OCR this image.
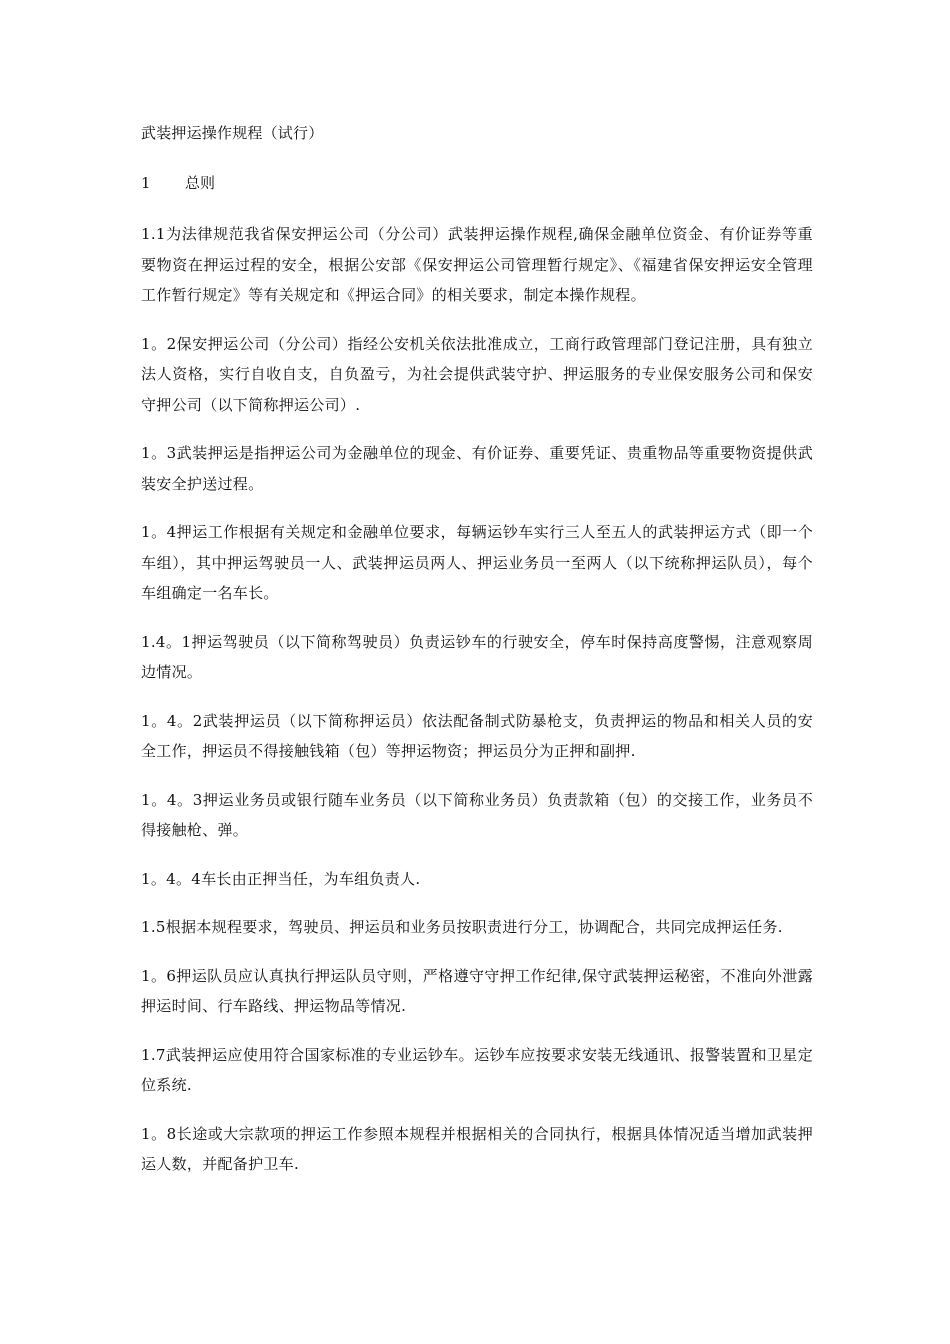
武装押运操作规程（试行）
1	总则

1.1为法律规范我省保安押运公司（分公司）武装押运操作规程,确保金融单位资金、有价证券等重要物资在押运过程的安全，根据公安部《保安押运公司管理暂行规定》、《福建省保安押运安全管理工作暂行规定》等有关规定和《押运合同》的相关要求，制定本操作规程。

1。2保安押运公司（分公司）指经公安机关依法批准成立，工商行政管理部门登记注册，具有独立法人资格，实行自收自支，自负盈亏，为社会提供武装守护、押运服务的专业保安服务公司和保安守押公司（以下简称押运公司）.

1。3武装押运是指押运公司为金融单位的现金、有价证券、重要凭证、贵重物品等重要物资提供武装安全护送过程。

1。4押运工作根据有关规定和金融单位要求，每辆运钞车实行三人至五人的武装押运方式（即一个车组），其中押运驾驶员一人、武装押运员两人、押运业务员一至两人（以下统称押运队员），每个车组确定一名车长。

1.4。1押运驾驶员（以下简称驾驶员）负责运钞车的行驶安全，停车时保持高度警惕，注意观察周边情况。

1。4。2武装押运员（以下简称押运员）依法配备制式防暴枪支，负责押运的物品和相关人员的安全工作，押运员不得接触钱箱（包）等押运物资；押运员分为正押和副押.

1。4。3押运业务员或银行随车业务员（以下简称业务员）负责款箱（包）的交接工作，业务员不得接触枪、弹。

1。4。4车长由正押当任，为车组负责人.

1.5根据本规程要求，驾驶员、押运员和业务员按职责进行分工，协调配合，共同完成押运任务.

1。6押运队员应认真执行押运队员守则，严格遵守守押工作纪律,保守武装押运秘密，不准向外泄露押运时间、行车路线、押运物品等情况.

1.7武装押运应使用符合国家标准的专业运钞车。运钞车应按要求安装无线通讯、报警装置和卫星定位系统.

1。8长途或大宗款项的押运工作参照本规程并根据相关的合同执行，根据具体情况适当增加武装押运人数，并配备护卫车.
